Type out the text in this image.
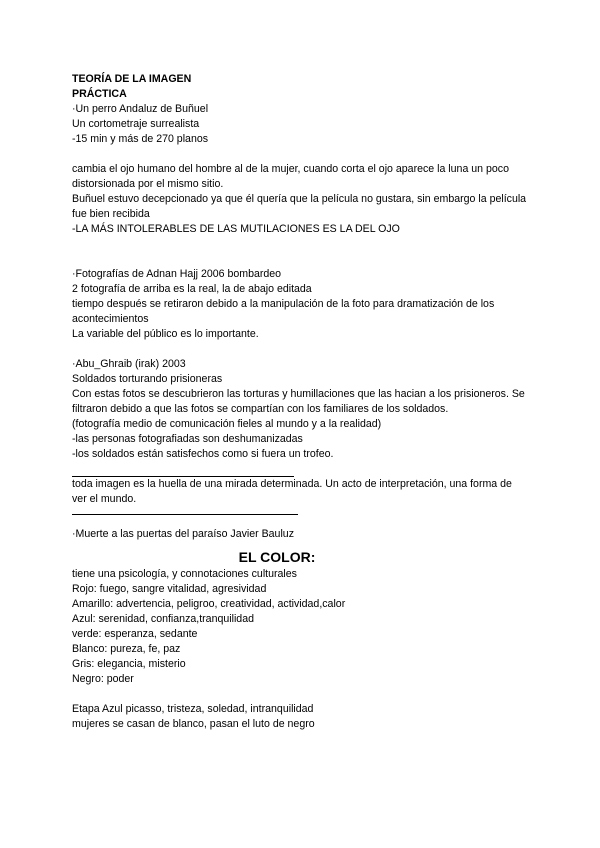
TEORÍA DE LA IMAGEN
PRÁCTICA
·Un perro Andaluz de Buñuel
Un cortometraje surrealista
-15 min y más de 270 planos
cambia el ojo humano del hombre al de la mujer, cuando corta el ojo aparece la luna un poco distorsionada por el mismo sitio.
Buñuel estuvo decepcionado ya que él quería que la película no gustara, sin embargo la película fue bien recibida
-LA MÁS INTOLERABLES DE LAS MUTILACIONES ES LA DEL OJO
·Fotografías de Adnan Hajj 2006 bombardeo
2 fotografía de arriba es la real, la de abajo editada
tiempo después se retiraron debido a la manipulación de la foto para dramatización de los acontecimientos
La variable del público es lo importante.
·Abu_Ghraib (irak) 2003
Soldados torturando prisioneras
Con estas fotos se descubrieron las torturas y humillaciones que las hacian a los prisioneros. Se filtraron debido a que las fotos se compartían con los familiares de los soldados.
(fotografía medio de comunicación fieles al mundo y a la realidad)
-las personas fotografiadas son deshumanizadas
-los soldados están satisfechos como si fuera un trofeo.
toda imagen es la huella de una mirada determinada. Un acto de interpretación, una forma de ver el mundo.
·Muerte a las puertas del paraíso Javier Bauluz
EL COLOR:
tiene una psicología, y connotaciones culturales
Rojo: fuego, sangre vitalidad, agresividad
Amarillo: advertencia, peligroo, creatividad, actividad,calor
Azul: serenidad, confianza,tranquilidad
verde: esperanza, sedante
Blanco: pureza, fe, paz
Gris: elegancia, misterio
Negro: poder
Etapa Azul picasso, tristeza, soledad, intranquilidad
mujeres se casan de blanco, pasan el luto de negro
